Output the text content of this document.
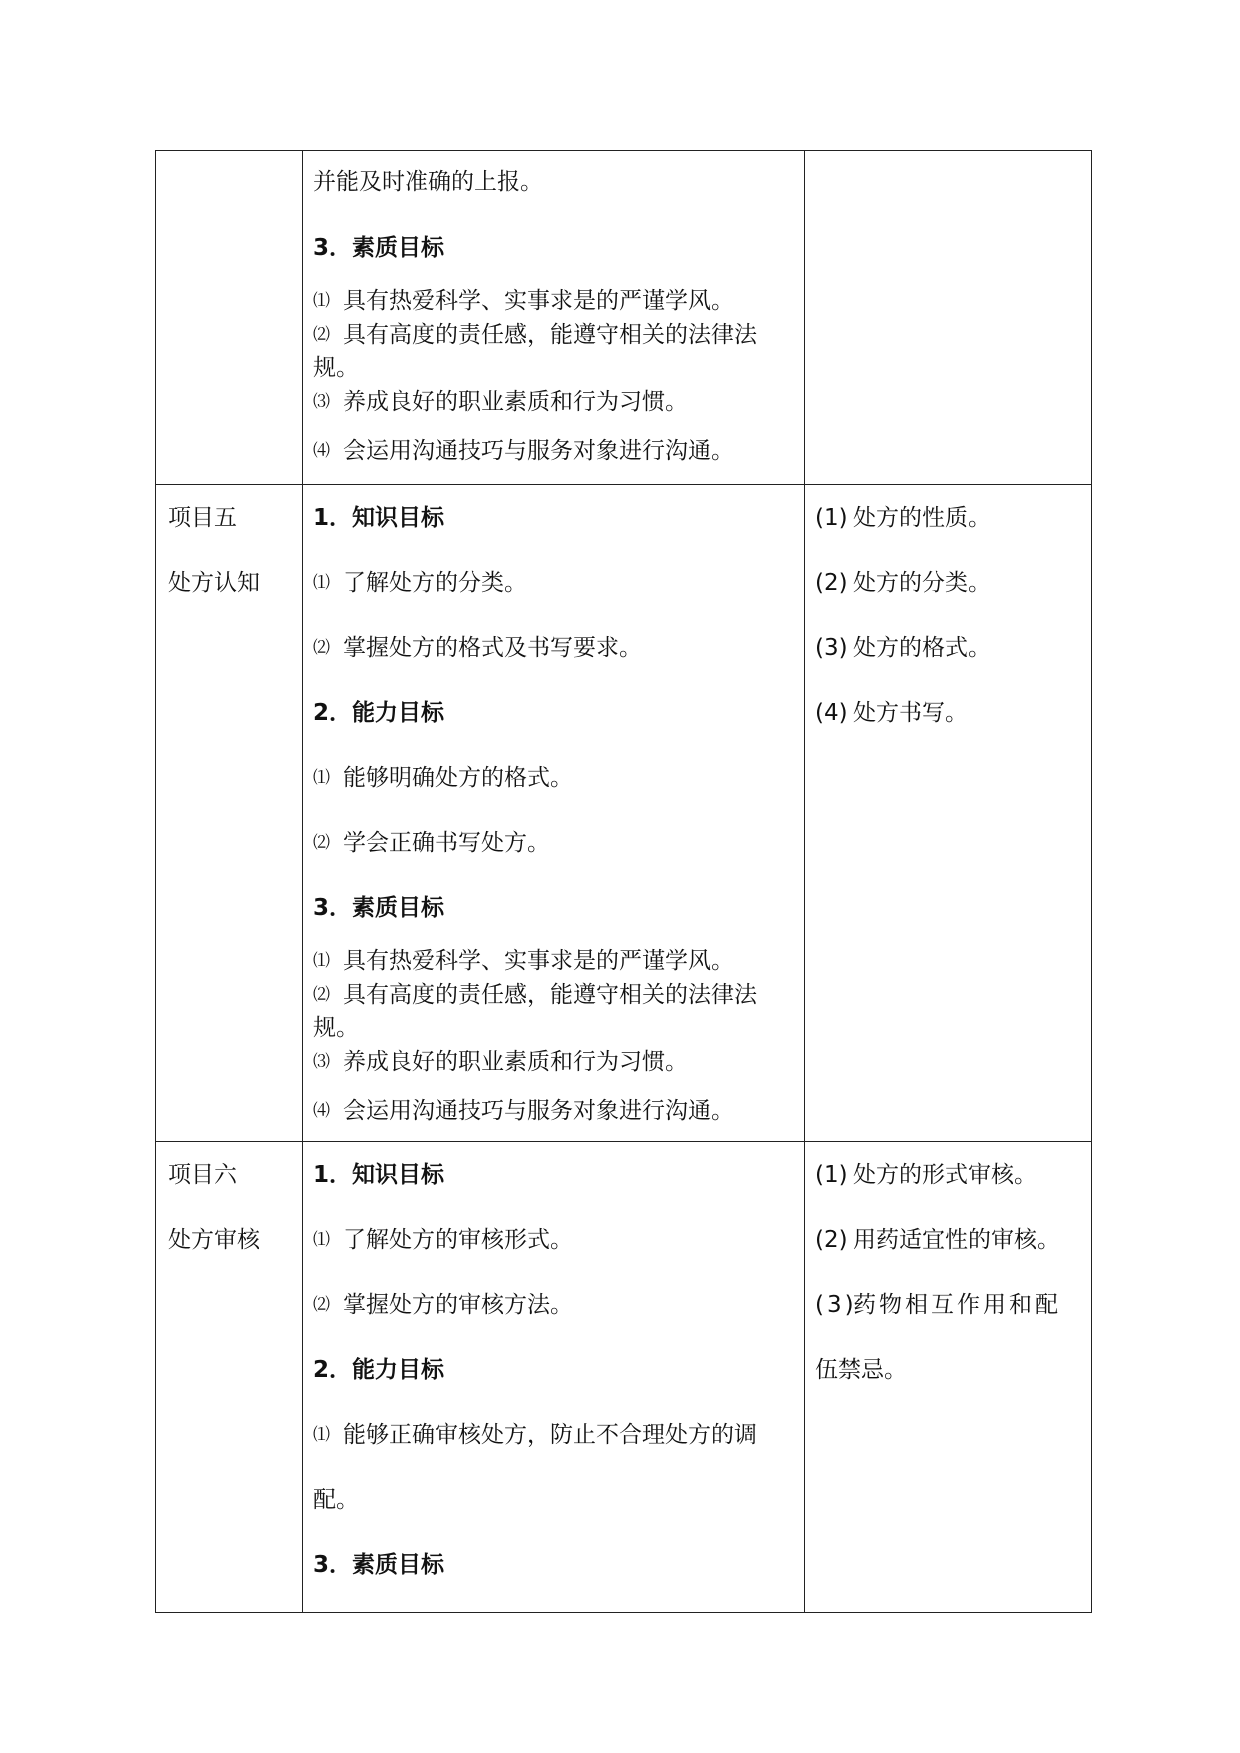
并能及时准确的上报。
3．素质目标
⑴ 具有热爱科学、实事求是的严谨学风。
⑵ 具有高度的责任感，能遵守相关的法律法
规。
⑶ 养成良好的职业素质和行为习惯。
⑷ 会运用沟通技巧与服务对象进行沟通。
项目五
处方认知
1．知识目标
⑴ 了解处方的分类。
⑵ 掌握处方的格式及书写要求。
2．能力目标
⑴ 能够明确处方的格式。
⑵ 学会正确书写处方。
3．素质目标
⑴ 具有热爱科学、实事求是的严谨学风。
⑵ 具有高度的责任感，能遵守相关的法律法
规。
⑶ 养成良好的职业素质和行为习惯。
⑷ 会运用沟通技巧与服务对象进行沟通。
(1) 处方的性质。
(2) 处方的分类。
(3) 处方的格式。
(4) 处方书写。
项目六
处方审核
1．知识目标
⑴ 了解处方的审核形式。
⑵ 掌握处方的审核方法。
2．能力目标
⑴ 能够正确审核处方，防止不合理处方的调
配。
3．素质目标
(1) 处方的形式审核。
(2) 用药适宜性的审核。
(3)药物相互作用和配
伍禁忌。
